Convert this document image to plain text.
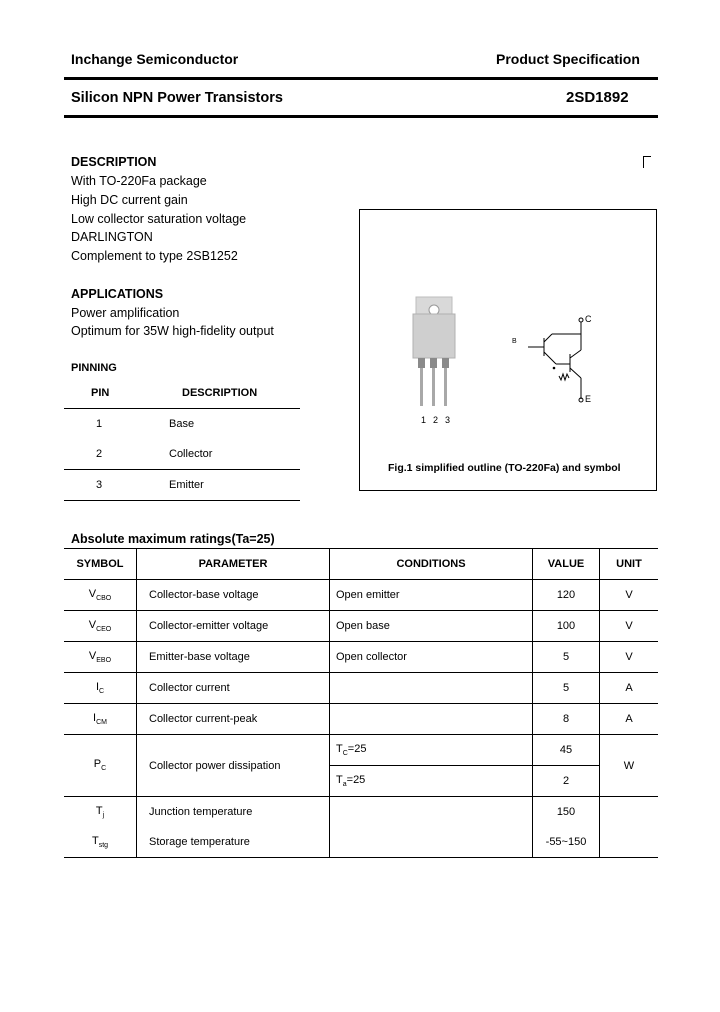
Inchange Semiconductor	Product Specification
Silicon NPN Power Transistors	2SD1892
DESCRIPTION
With TO-220Fa package
High DC current gain
Low collector saturation voltage
DARLINGTON
Complement to type 2SB1252
APPLICATIONS
Power amplification
Optimum for 35W high-fidelity output
PINNING
PIN	DESCRIPTION
1	Base
2	Collector
3	Emitter
C
E
B
1 2 3
Fig.1 simplified outline (TO-220Fa) and symbol
Absolute maximum ratings(Ta=25)
SYMBOL	PARAMETER	CONDITIONS	VALUE	UNIT
$V_{CBO}$	Collector-base voltage	Open emitter	120	V
$V_{CEO}$	Collector-emitter voltage	Open base	100	V
$V_{EBO}$	Emitter-base voltage	Open collector	5	V
$I_C$	Collector current		5	A
$I_{CM}$	Collector current-peak		8	A
$P_C$	Collector power dissipation	$T_C=25$	45	W
		$T_a=25$	2	
$T_j$	Junction temperature		150	
$T_{stg}$	Storage temperature		-55~150	
